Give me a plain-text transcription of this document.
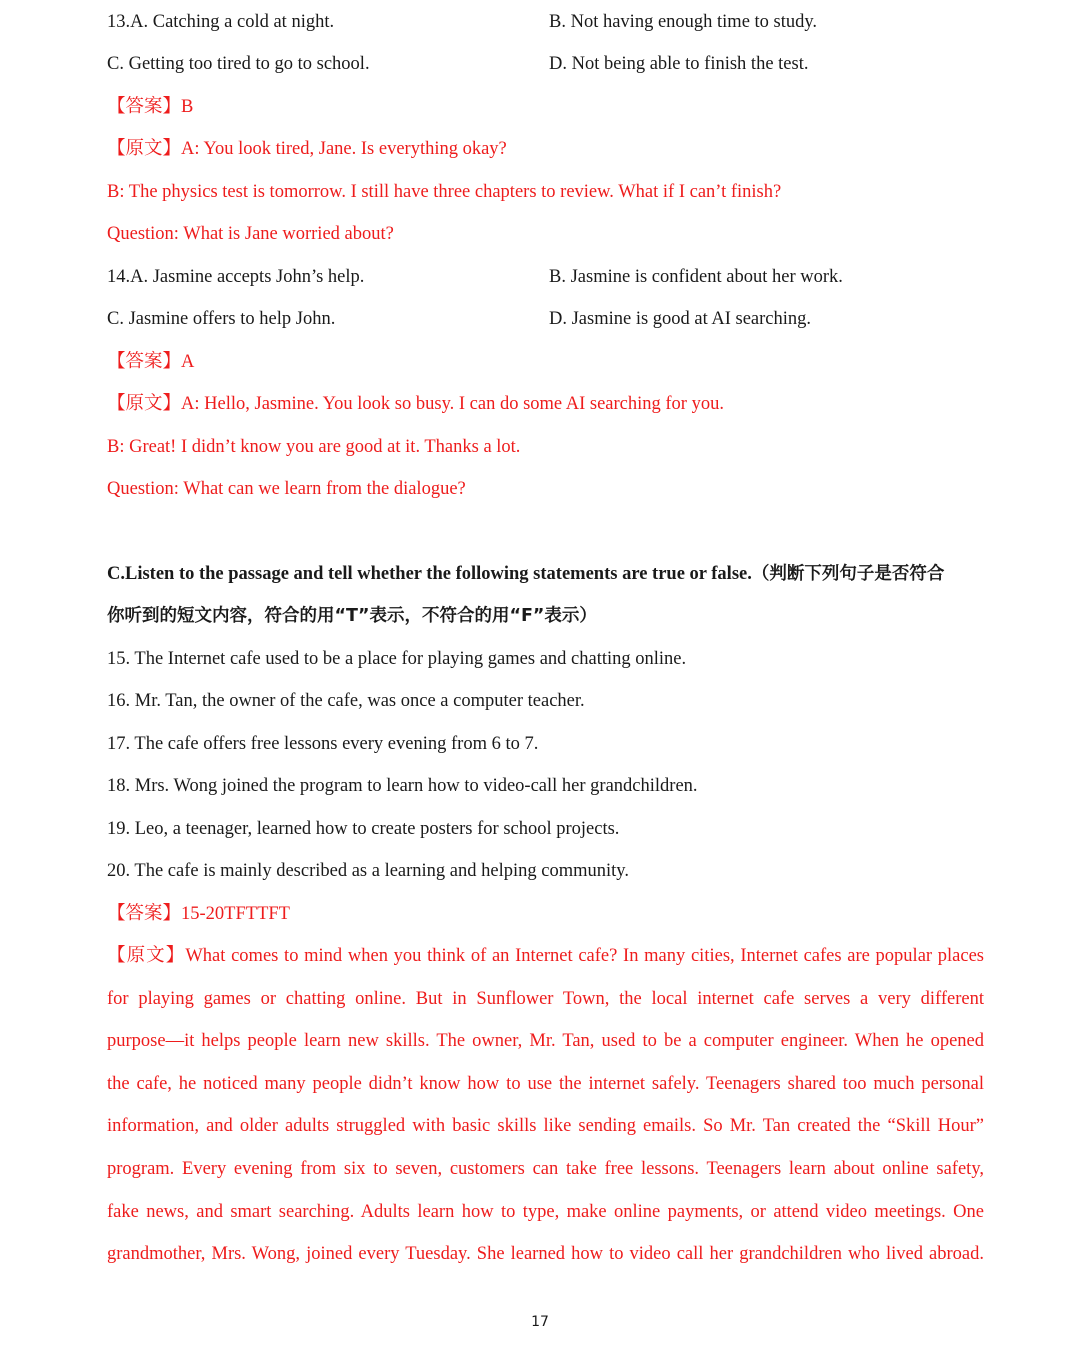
13.A. Catching a cold at night.	B. Not having enough time to study.
C. Getting too tired to go to school.	D. Not being able to finish the test.
【答案】B
【原文】A: You look tired, Jane. Is everything okay?
B: The physics test is tomorrow. I still have three chapters to review. What if I can’t finish?
Question: What is Jane worried about?
14.A. Jasmine accepts John’s help.	B. Jasmine is confident about her work.
C. Jasmine offers to help John.	D. Jasmine is good at AI searching.
【答案】A
【原文】A: Hello, Jasmine. You look so busy. I can do some AI searching for you.
B: Great! I didn’t know you are good at it. Thanks a lot.
Question: What can we learn from the dialogue?
C.Listen to the passage and tell whether the following statements are true or false.（判断下列句子是否符合
你听到的短文内容，符合的用“T”表示，不符合的用“F”表示）
15. The Internet cafe used to be a place for playing games and chatting online.
16. Mr. Tan, the owner of the cafe, was once a computer teacher.
17. The cafe offers free lessons every evening from 6 to 7.
18. Mrs. Wong joined the program to learn how to video-call her grandchildren.
19. Leo, a teenager, learned how to create posters for school projects.
20. The cafe is mainly described as a learning and helping community.
【答案】15-20TFTTFT
【原文】What comes to mind when you think of an Internet cafe? In many cities, Internet cafes are popular places
for playing games or chatting online. But in Sunflower Town, the local internet cafe serves a very different
purpose—it helps people learn new skills. The owner, Mr. Tan, used to be a computer engineer. When he opened
the cafe, he noticed many people didn’t know how to use the internet safely. Teenagers shared too much personal
information, and older adults struggled with basic skills like sending emails. So Mr. Tan created the “Skill Hour”
program. Every evening from six to seven, customers can take free lessons. Teenagers learn about online safety,
fake news, and smart searching. Adults learn how to type, make online payments, or attend video meetings. One
grandmother, Mrs. Wong, joined every Tuesday. She learned how to video call her grandchildren who lived abroad.
17
